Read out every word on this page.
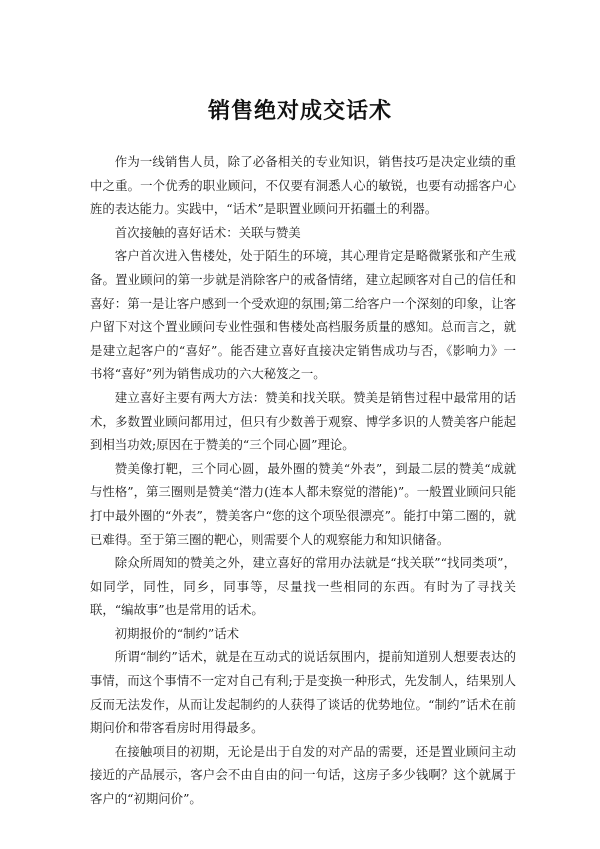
销售绝对成交话术

作为一线销售人员，除了必备相关的专业知识，销售技巧是决定业绩的重中之重。一个优秀的职业顾问，不仅要有洞悉人心的敏锐，也要有动摇客户心旌的表达能力。实践中，“话术”是职置业顾问开拓疆土的利器。

首次接触的喜好话术：关联与赞美

客户首次进入售楼处，处于陌生的环境，其心理肯定是略微紧张和产生戒备。置业顾问的第一步就是消除客户的戒备情绪，建立起顾客对自己的信任和喜好：第一是让客户感到一个受欢迎的氛围;第二给客户一个深刻的印象，让客户留下对这个置业顾问专业性强和售楼处高档服务质量的感知。总而言之，就是建立起客户的“喜好”。能否建立喜好直接决定销售成功与否，《影响力》一书将“喜好”列为销售成功的六大秘笈之一。

建立喜好主要有两大方法：赞美和找关联。赞美是销售过程中最常用的话术，多数置业顾问都用过，但只有少数善于观察、博学多识的人赞美客户能起到相当功效;原因在于赞美的“三个同心圆”理论。

赞美像打靶，三个同心圆，最外圈的赞美“外表”，到最二层的赞美“成就与性格”，第三圈则是赞美“潜力(连本人都未察觉的潜能)”。一般置业顾问只能打中最外圈的“外表”，赞美客户“您的这个项坠很漂亮”。能打中第二圈的，就已难得。至于第三圈的靶心，则需要个人的观察能力和知识储备。

除众所周知的赞美之外，建立喜好的常用办法就是“找关联”“找同类项”，如同学，同性，同乡，同事等，尽量找一些相同的东西。有时为了寻找关联，“编故事”也是常用的话术。

初期报价的“制约”话术

所谓“制约”话术，就是在互动式的说话氛围内，提前知道别人想要表达的事情，而这个事情不一定对自己有利;于是变换一种形式，先发制人，结果别人反而无法发作，从而让发起制约的人获得了谈话的优势地位。“制约”话术在前期问价和带客看房时用得最多。

在接触项目的初期，无论是出于自发的对产品的需要，还是置业顾问主动接近的产品展示，客户会不由自由的问一句话，这房子多少钱啊？这个就属于客户的“初期问价”。
